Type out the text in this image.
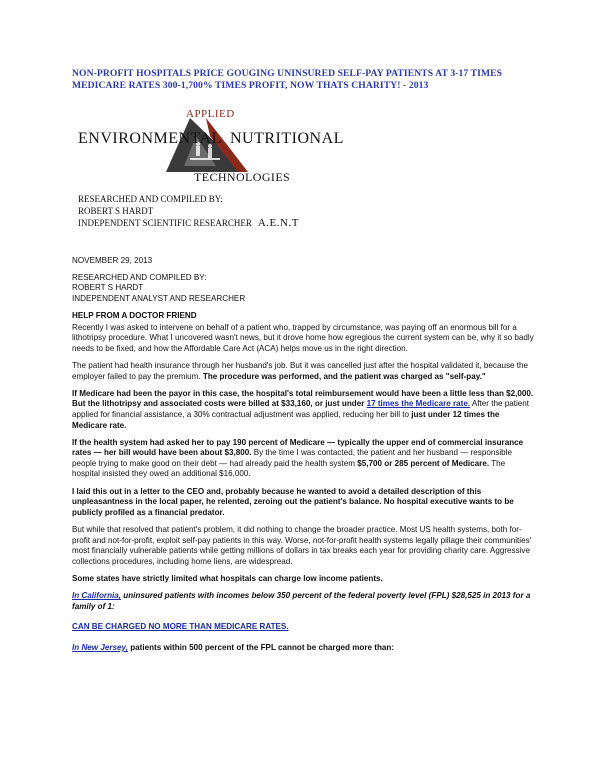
NON-PROFIT HOSPITALS PRICE GOUGING UNINSURED SELF-PAY PATIENTS AT 3-17 TIMES MEDICARE RATES 300-1,700% TIMES PROFIT, NOW THATS CHARITY! - 2013
APPLIED
ENVIRONMENTAL NUTRITIONAL
TECHNOLOGIES
RESEARCHED AND COMPILED BY:
ROBERT S HARDT
INDEPENDENT SCIENTIFIC RESEARCHER A.E.N.T

NOVEMBER 29, 2013

RESEARCHED AND COMPILED BY:
ROBERT S HARDT
INDEPENDENT ANALYST AND RESEARCHER

HELP FROM A DOCTOR FRIEND

Recently I was asked to intervene on behalf of a patient who, trapped by circumstance, was paying off an enormous bill for a lithotripsy procedure. What I uncovered wasn't news, but it drove home how egregious the current system can be, why it so badly needs to be fixed, and how the Affordable Care Act (ACA) helps move us in the right direction.

The patient had health insurance through her husband's job. But it was cancelled just after the hospital validated it, because the employer failed to pay the premium. The procedure was performed, and the patient was charged as "self-pay."

If Medicare had been the payor in this case, the hospital's total reimbursement would have been a little less than $2,000. But the lithotripsy and associated costs were billed at $33,160, or just under 17 times the Medicare rate. After the patient applied for financial assistance, a 30% contractual adjustment was applied, reducing her bill to just under 12 times the Medicare rate.

If the health system had asked her to pay 190 percent of Medicare — typically the upper end of commercial insurance rates — her bill would have been about $3,800. By the time I was contacted, the patient and her husband — responsible people trying to make good on their debt — had already paid the health system $5,700 or 285 percent of Medicare. The hospital insisted they owed an additional $16,000.

I laid this out in a letter to the CEO and, probably because he wanted to avoid a detailed description of this unpleasantness in the local paper, he relented, zeroing out the patient's balance. No hospital executive wants to be publicly profiled as a financial predator.

But while that resolved that patient's problem, it did nothing to change the broader practice. Most US health systems, both for-profit and not-for-profit, exploit self-pay patients in this way. Worse, not-for-profit health systems legally pillage their communities' most financially vulnerable patients while getting millions of dollars in tax breaks each year for providing charity care. Aggressive collections procedures, including home liens, are widespread.

Some states have strictly limited what hospitals can charge low income patients.

In California, uninsured patients with incomes below 350 percent of the federal poverty level (FPL) $28,525 in 2013 for a family of 1:

CAN BE CHARGED NO MORE THAN MEDICARE RATES.

In New Jersey, patients within 500 percent of the FPL cannot be charged more than:
